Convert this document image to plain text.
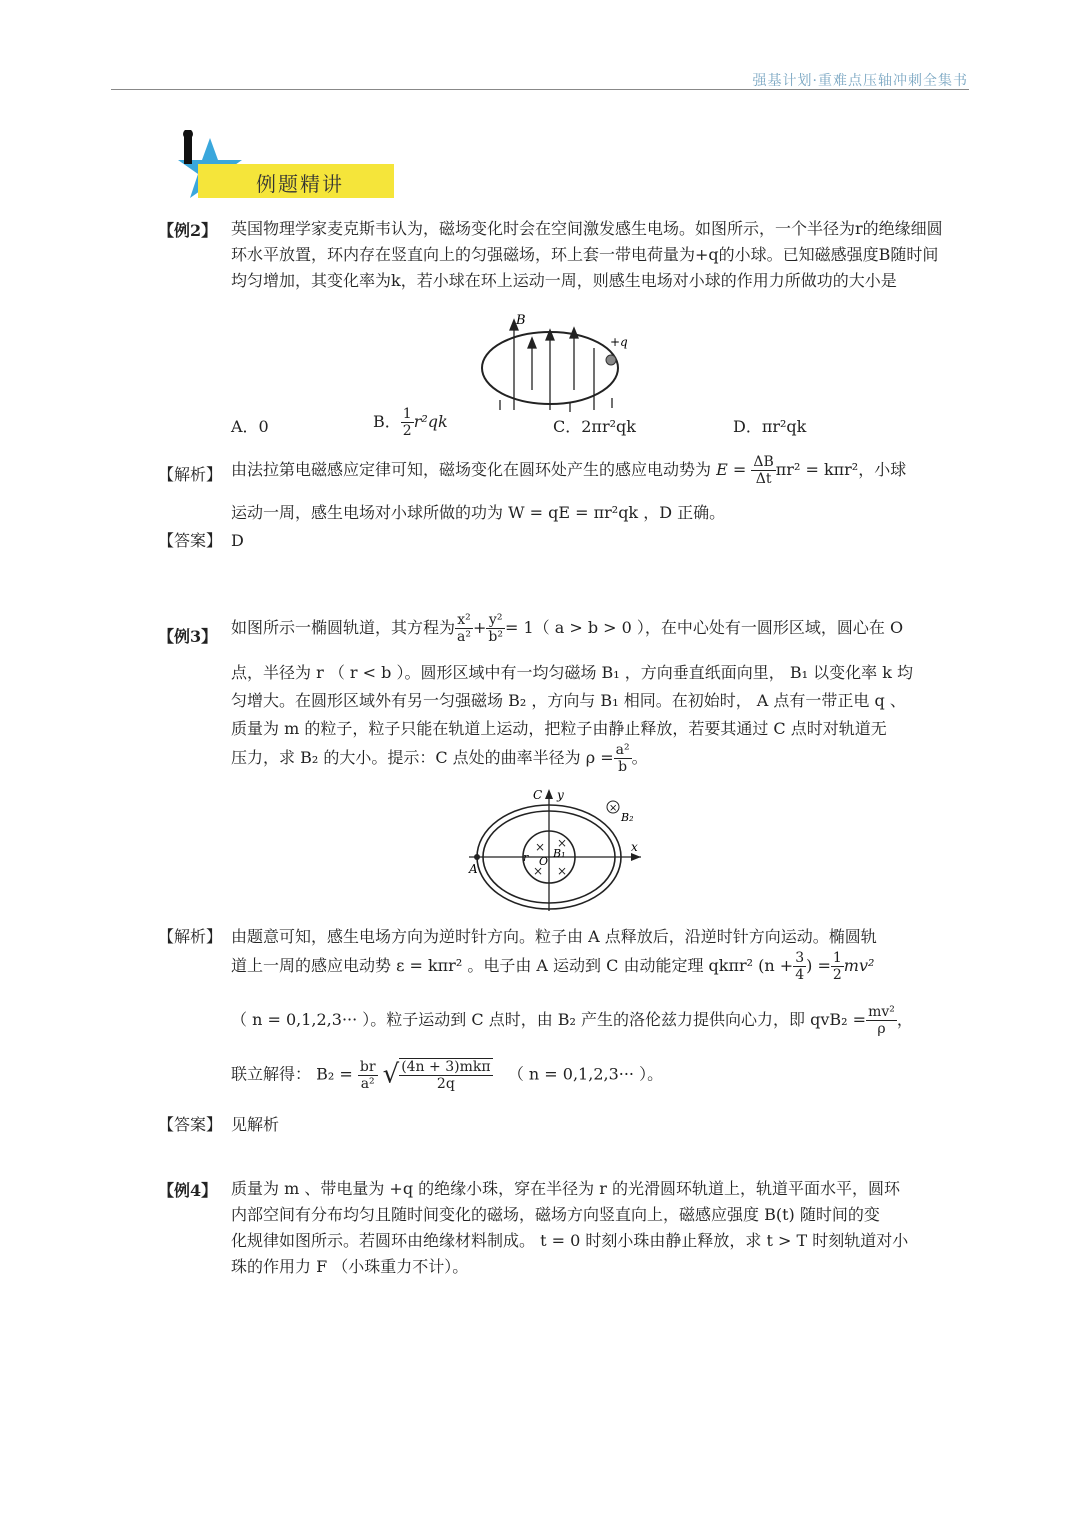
强基计划·重难点压轴冲刺全集书
例题精讲
【例2】 英国物理学家麦克斯韦认为，磁场变化时会在空间激发感生电场。如图所示，一个半径为r的绝缘细圆环水平放置，环内存在竖直向上的匀强磁场，环上套一带电荷量为+q的小球。已知磁感强度B随时间均匀增加，其变化率为k，若小球在环上运动一周，则感生电场对小球的作用力所做功的大小是
B
+q
A．0	B． $\frac{1}{2} r^2qk$	C．2πr²qk	D．πr²qk
【解析】 由法拉第电磁感应定律可知，磁场变化在圆环处产生的感应电动势为 $E = \frac{\Delta B}{\Delta t} \pi r^2 = k\pi r^2$，小球
运动一周，感生电场对小球所做的功为 W = qE = πr²qk ，D 正确。
【答案】 D
【例3】 如图所示一椭圆轨道，其方程为 $\frac{\text{x²}}{\text{a²}} + \frac{\text{y²}}{\text{b²}} = 1$（ a > b > 0 ），在中心处有一圆形区域，圆心在 O
点，半径为 r （ r < b ）。圆形区域中有一均匀磁场 B₁ ，方向垂直纸面向里， B₁ 以变化率 k 均
匀增大。在圆形区域外有另一匀强磁场 B₂ ，方向与 B₁ 相同。在初始时， A 点有一带正电 q 、
质量为 m 的粒子，粒子只能在轨道上运动，把粒子由静止释放，若要其通过 C 点时对轨道无
压力，求 B₂ 的大小。提示：C 点处的曲率半径为 $\rho = \frac{\text{a²}}{b}$ 。
× ×
× ×
×
C y
x
A
O
r B₁
B₂
【解析】 由题意可知，感生电场方向为逆时针方向。粒子由 A 点释放后，沿逆时针方向运动。椭圆轨
道上一周的感应电动势 ε = kπr² 。电子由 A 运动到 C 由动能定理 qkπr² ($n + \frac{3}{4}$ ) = $\frac{1}{2} mv^2$
（ n = 0,1,2,3··· ）。粒子运动到 C 点时，由 B₂ 产生的洛伦兹力提供向心力，即 $qvB_2 = \frac{\text{mv²}}{\rho}$ ，
联立解得： $B_2 = \frac{br}{\text{a²}}$ √ $\frac{\text{(4n + 3)mkπ}}{2q}$ （ n = 0,1,2,3··· ）。
【答案】 见解析
【例4】 质量为 m 、带电量为 +q 的绝缘小珠，穿在半径为 r 的光滑圆环轨道上，轨道平面水平，圆环
内部空间有分布均匀且随时间变化的磁场，磁场方向竖直向上，磁感应强度 B(t) 随时间的变
化规律如图所示。若圆环由绝缘材料制成。 t = 0 时刻小珠由静止释放，求 t > T 时刻轨道对小
珠的作用力 F （小珠重力不计）。
